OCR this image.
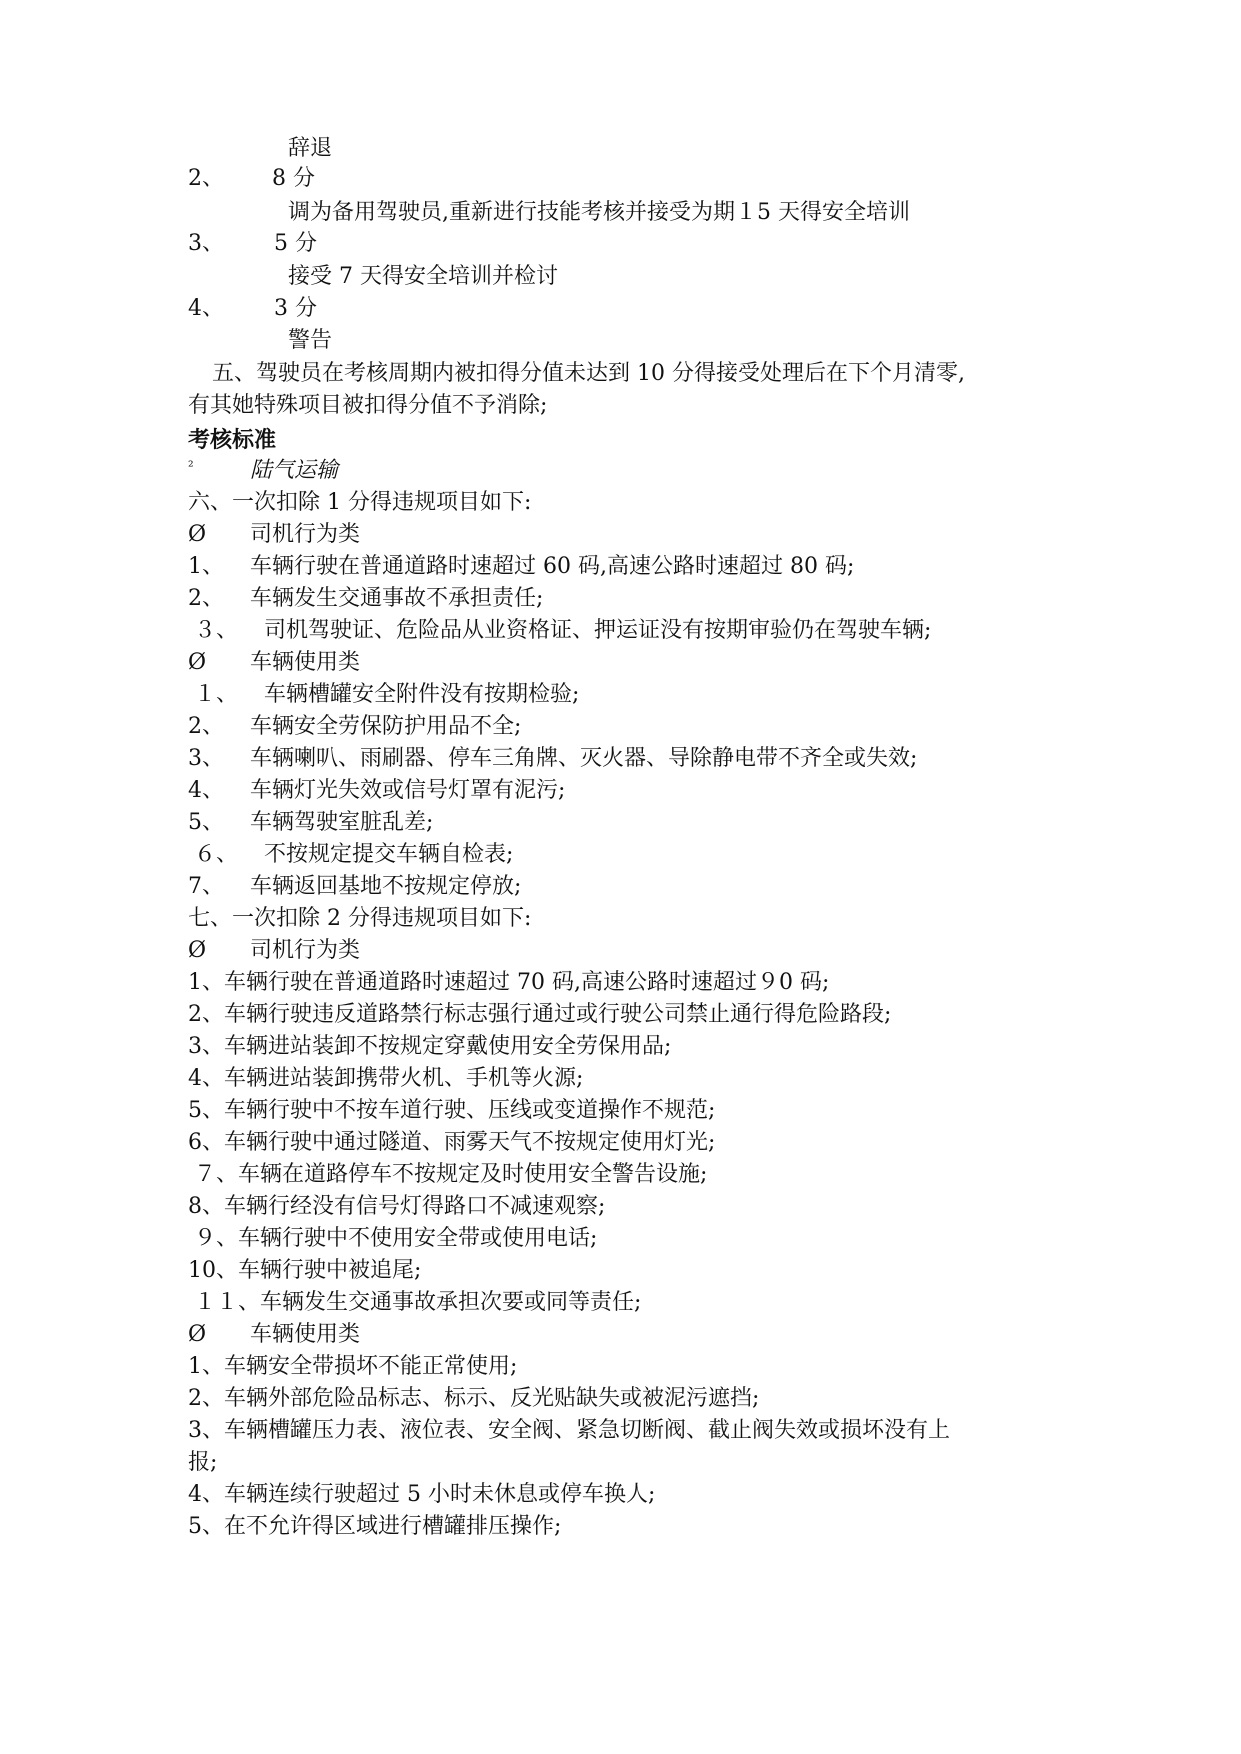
辞退
2、 8 分
调为备用驾驶员,重新进行技能考核并接受为期１5 天得安全培训
3、 5 分
接受 7 天得安全培训并检讨
4、 3 分
警告
五、驾驶员在考核周期内被扣得分值未达到 10 分得接受处理后在下个月清零,
有其她特殊项目被扣得分值不予消除;
考核标准
²	陆气运输
六、一次扣除 1 分得违规项目如下:
Ø 司机行为类
1、 车辆行驶在普通道路时速超过 60 码,高速公路时速超过 80 码;
2、 车辆发生交通事故不承担责任;
３、 司机驾驶证、危险品从业资格证、押运证没有按期审验仍在驾驶车辆;
Ø 车辆使用类
１、 车辆槽罐安全附件没有按期检验;
2、 车辆安全劳保防护用品不全;
3、 车辆喇叭、雨刷器、停车三角牌、灭火器、导除静电带不齐全或失效;
4、 车辆灯光失效或信号灯罩有泥污;
5、 车辆驾驶室脏乱差;
６、 不按规定提交车辆自检表;
7、 车辆返回基地不按规定停放;
七、一次扣除 2 分得违规项目如下:
Ø 司机行为类
1、车辆行驶在普通道路时速超过 70 码,高速公路时速超过９0 码;
2、车辆行驶违反道路禁行标志强行通过或行驶公司禁止通行得危险路段;
3、车辆进站装卸不按规定穿戴使用安全劳保用品;
4、车辆进站装卸携带火机、手机等火源;
5、车辆行驶中不按车道行驶、压线或变道操作不规范;
6、车辆行驶中通过隧道、雨雾天气不按规定使用灯光;
７、车辆在道路停车不按规定及时使用安全警告设施;
8、车辆行经没有信号灯得路口不减速观察;
９、车辆行驶中不使用安全带或使用电话;
10、车辆行驶中被追尾;
１１、车辆发生交通事故承担次要或同等责任;
Ø 车辆使用类
1、车辆安全带损坏不能正常使用;
2、车辆外部危险品标志、标示、反光贴缺失或被泥污遮挡;
3、车辆槽罐压力表、液位表、安全阀、紧急切断阀、截止阀失效或损坏没有上
报;
4、车辆连续行驶超过 5 小时未休息或停车换人;
5、在不允许得区域进行槽罐排压操作;
